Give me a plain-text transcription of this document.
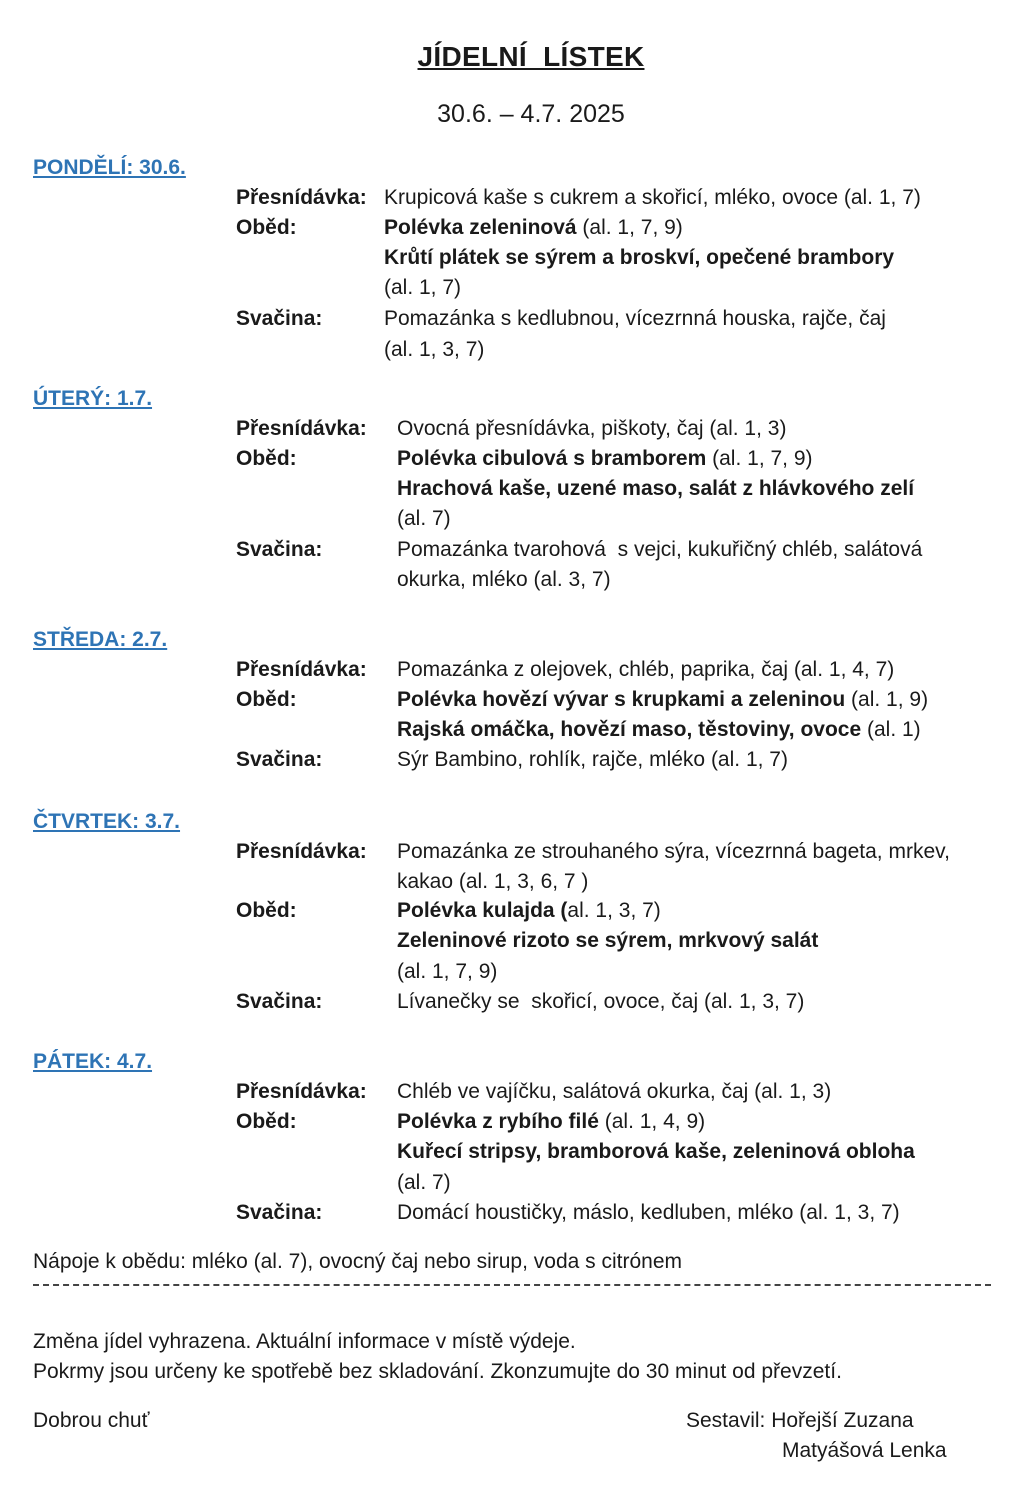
JÍDELNÍ  LÍSTEK
30.6. – 4.7. 2025
PONDĚLÍ: 30.6.
Přesnídávka: Krupicová kaše s cukrem a skořicí, mléko, ovoce (al. 1, 7)
Oběd:	Polévka zeleninová (al. 1, 7, 9)
Krůtí plátek se sýrem a broskví, opečené brambory
(al. 1, 7)
Svačina:	Pomazánka s kedlubnou, vícezrnná houska, rajče, čaj
(al. 1, 3, 7)
ÚTERÝ: 1.7.
Přesnídávka: Ovocná přesnídávka, piškoty, čaj (al. 1, 3)
Oběd:	Polévka cibulová s bramborem (al. 1, 7, 9)
Hrachová kaše, uzené maso, salát z hlávkového zelí
(al. 7)
Svačina:	Pomazánka tvarohová  s vejci, kukuřičný chléb, salátová
okurka, mléko (al. 3, 7)
STŘEDA: 2.7.
Přesnídávka: Pomazánka z olejovek, chléb, paprika, čaj (al. 1, 4, 7)
Oběd:	Polévka hovězí vývar s krupkami a zeleninou (al. 1, 9)
Rajská omáčka, hovězí maso, těstoviny, ovoce (al. 1)
Svačina:	Sýr Bambino, rohlík, rajče, mléko (al. 1, 7)
ČTVRTEK: 3.7.
Přesnídávka: Pomazánka ze strouhaného sýra, vícezrnná bageta, mrkev,
kakao (al. 1, 3, 6, 7 )
Oběd:	Polévka kulajda (al. 1, 3, 7)
Zeleninové rizoto se sýrem, mrkvový salát
(al. 1, 7, 9)
Svačina:	Lívanečky se  skořicí, ovoce, čaj (al. 1, 3, 7)
PÁTEK: 4.7.
Přesnídávka: Chléb ve vajíčku, salátová okurka, čaj (al. 1, 3)
Oběd:	Polévka z rybího filé (al. 1, 4, 9)
Kuřecí stripsy, bramborová kaše, zeleninová obloha
(al. 7)
Svačina:	Domácí houstičky, máslo, kedluben, mléko (al. 1, 3, 7)
Nápoje k obědu: mléko (al. 7), ovocný čaj nebo sirup, voda s citrónem
Změna jídel vyhrazena. Aktuální informace v místě výdeje.
Pokrmy jsou určeny ke spotřebě bez skladování. Zkonzumujte do 30 minut od převzetí.
Dobrou chuť	Sestavil: Hořejší Zuzana
Matyášová Lenka
